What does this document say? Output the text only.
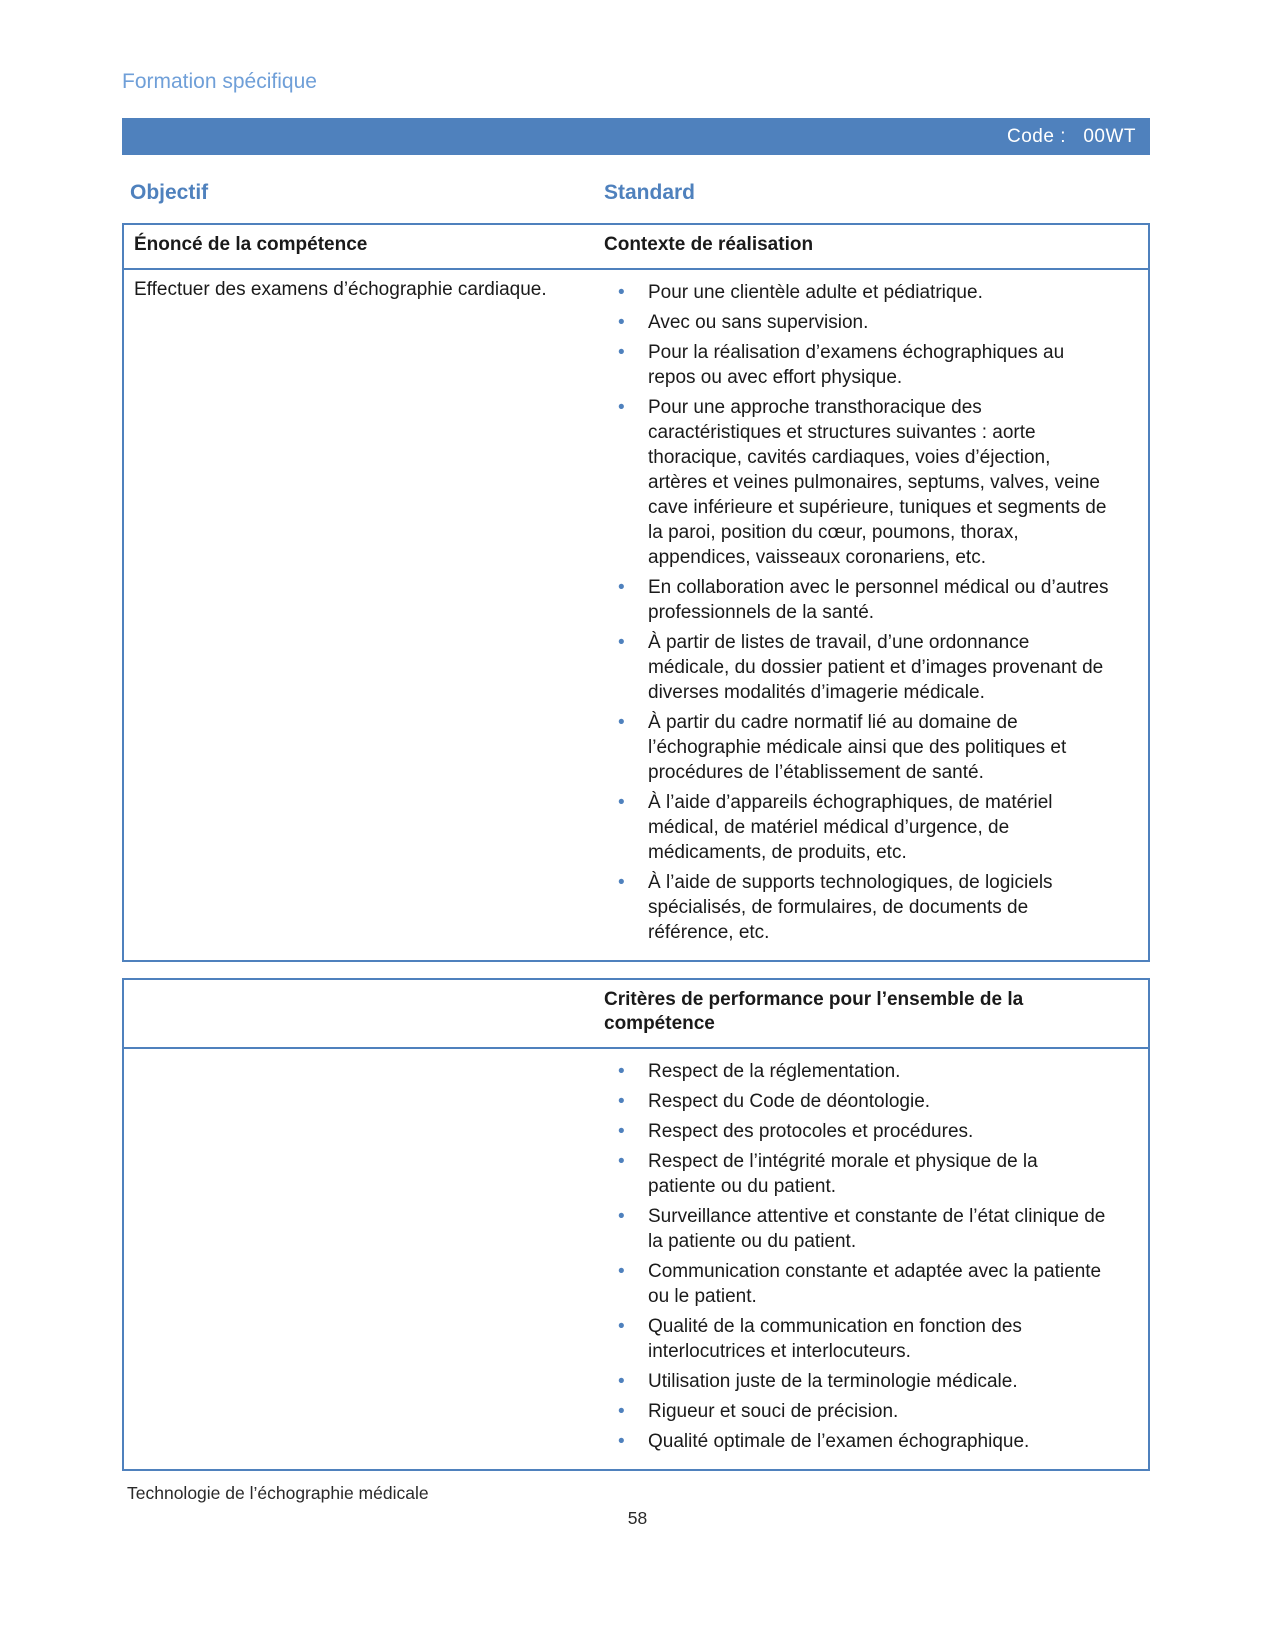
Formation spécifique
Code :   00WT
Objectif	Standard
Énoncé de la compétence	Contexte de réalisation
Effectuer des examens d’échographie cardiaque.	• Pour une clientèle adulte et pédiatrique.
• Avec ou sans supervision.
• Pour la réalisation d’examens échographiques au repos ou avec effort physique.
• Pour une approche transthoracique des caractéristiques et structures suivantes : aorte thoracique, cavités cardiaques, voies d’éjection, artères et veines pulmonaires, septums, valves, veine cave inférieure et supérieure, tuniques et segments de la paroi, position du cœur, poumons, thorax, appendices, vaisseaux coronariens, etc.
• En collaboration avec le personnel médical ou d’autres professionnels de la santé.
• À partir de listes de travail, d’une ordonnance médicale, du dossier patient et d’images provenant de diverses modalités d’imagerie médicale.
• À partir du cadre normatif lié au domaine de l’échographie médicale ainsi que des politiques et procédures de l’établissement de santé.
• À l’aide d’appareils échographiques, de matériel médical, de matériel médical d’urgence, de médicaments, de produits, etc.
• À l’aide de supports technologiques, de logiciels spécialisés, de formulaires, de documents de référence, etc.
Critères de performance pour l’ensemble de la compétence
• Respect de la réglementation.
• Respect du Code de déontologie.
• Respect des protocoles et procédures.
• Respect de l’intégrité morale et physique de la patiente ou du patient.
• Surveillance attentive et constante de l’état clinique de la patiente ou du patient.
• Communication constante et adaptée avec la patiente ou le patient.
• Qualité de la communication en fonction des interlocutrices et interlocuteurs.
• Utilisation juste de la terminologie médicale.
• Rigueur et souci de précision.
• Qualité optimale de l’examen échographique.
Technologie de l’échographie médicale
58
